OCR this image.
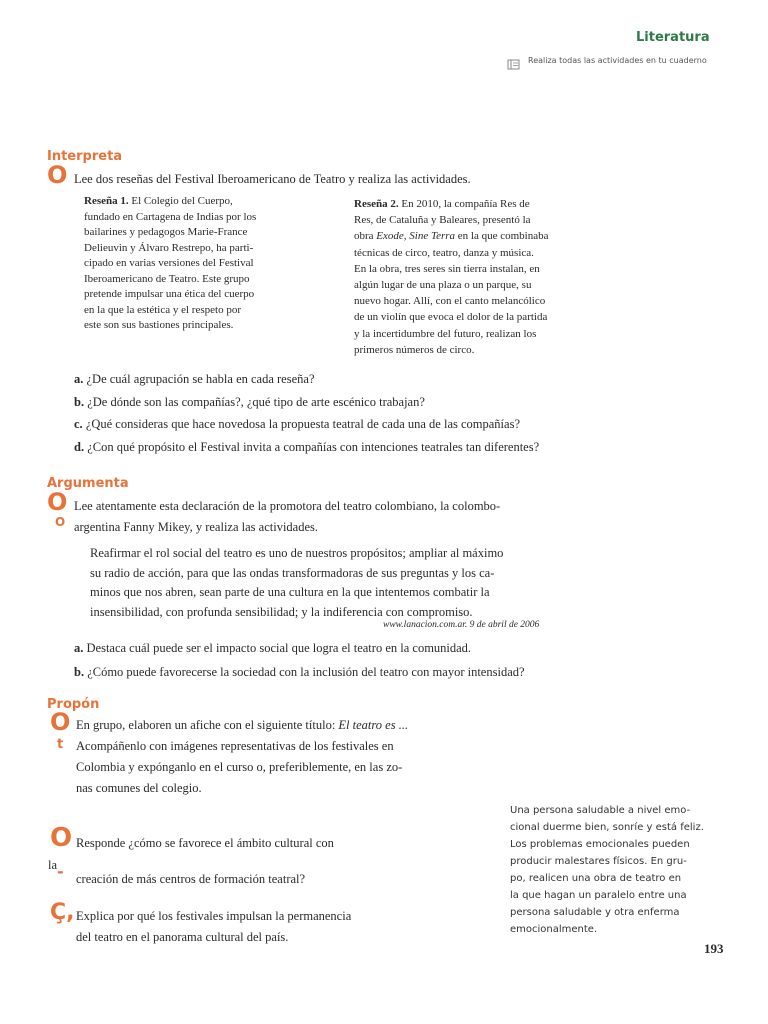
Literatura
Realiza todas las actividades en tu cuaderno
Interpreta
O Lee dos reseñas del Festival Iberoamericano de Teatro y realiza las actividades.
Reseña 1. El Colegio del Cuerpo,
fundado en Cartagena de Indias por los
bailarines y pedagogos Marie-France
Delieuvin y Álvaro Restrepo, ha parti-
cipado en varias versiones del Festival
Iberoamericano de Teatro. Este grupo
pretende impulsar una ética del cuerpo
en la que la estética y el respeto por
este son sus bastiones principales.
Reseña 2. En 2010, la compañía Res de
Res, de Cataluña y Baleares, presentó la
obra Exode, Sine Terra en la que combinaba
técnicas de circo, teatro, danza y música.
En la obra, tres seres sin tierra instalan, en
algún lugar de una plaza o un parque, su
nuevo hogar. Allí, con el canto melancólico
de un violín que evoca el dolor de la partida
y la incertidumbre del futuro, realizan los
primeros números de circo.
a. ¿De cuál agrupación se habla en cada reseña?
b. ¿De dónde son las compañías?, ¿qué tipo de arte escénico trabajan?
c. ¿Qué consideras que hace novedosa la propuesta teatral de cada una de las compañías?
d. ¿Con qué propósito el Festival invita a compañías con intenciones teatrales tan diferentes?
Argumenta
O
O
Lee atentamente esta declaración de la promotora del teatro colombiano, la colombo-
argentina Fanny Mikey, y realiza las actividades.
Reafirmar el rol social del teatro es uno de nuestros propósitos; ampliar al máximo
su radio de acción, para que las ondas transformadoras de sus preguntas y los ca-
minos que nos abren, sean parte de una cultura en la que intentemos combatir la
insensibilidad, con profunda sensibilidad; y la indiferencia con compromiso.
www.lanacion.com.ar. 9 de abril de 2006
a. Destaca cuál puede ser el impacto social que logra el teatro en la comunidad.
b. ¿Cómo puede favorecerse la sociedad con la inclusión del teatro con mayor intensidad?
Propón
O
t
En grupo, elaboren un afiche con el siguiente título: El teatro es ...
Acompáñenlo con imágenes representativas de los festivales en
Colombia y expónganlo en el curso o, preferiblemente, en las zo-
nas comunes del colegio.
O Responde ¿cómo se favorece el ámbito cultural con
la - creación de más centros de formación teatral?
Ç, Explica por qué los festivales impulsan la permanencia
del teatro en el panorama cultural del país.
Una persona saludable a nivel emo-
cional duerme bien, sonríe y está feliz.
Los problemas emocionales pueden
producir malestares físicos. En gru-
po, realicen una obra de teatro en
la que hagan un paralelo entre una
persona saludable y otra enferma
emocionalmente.
193
